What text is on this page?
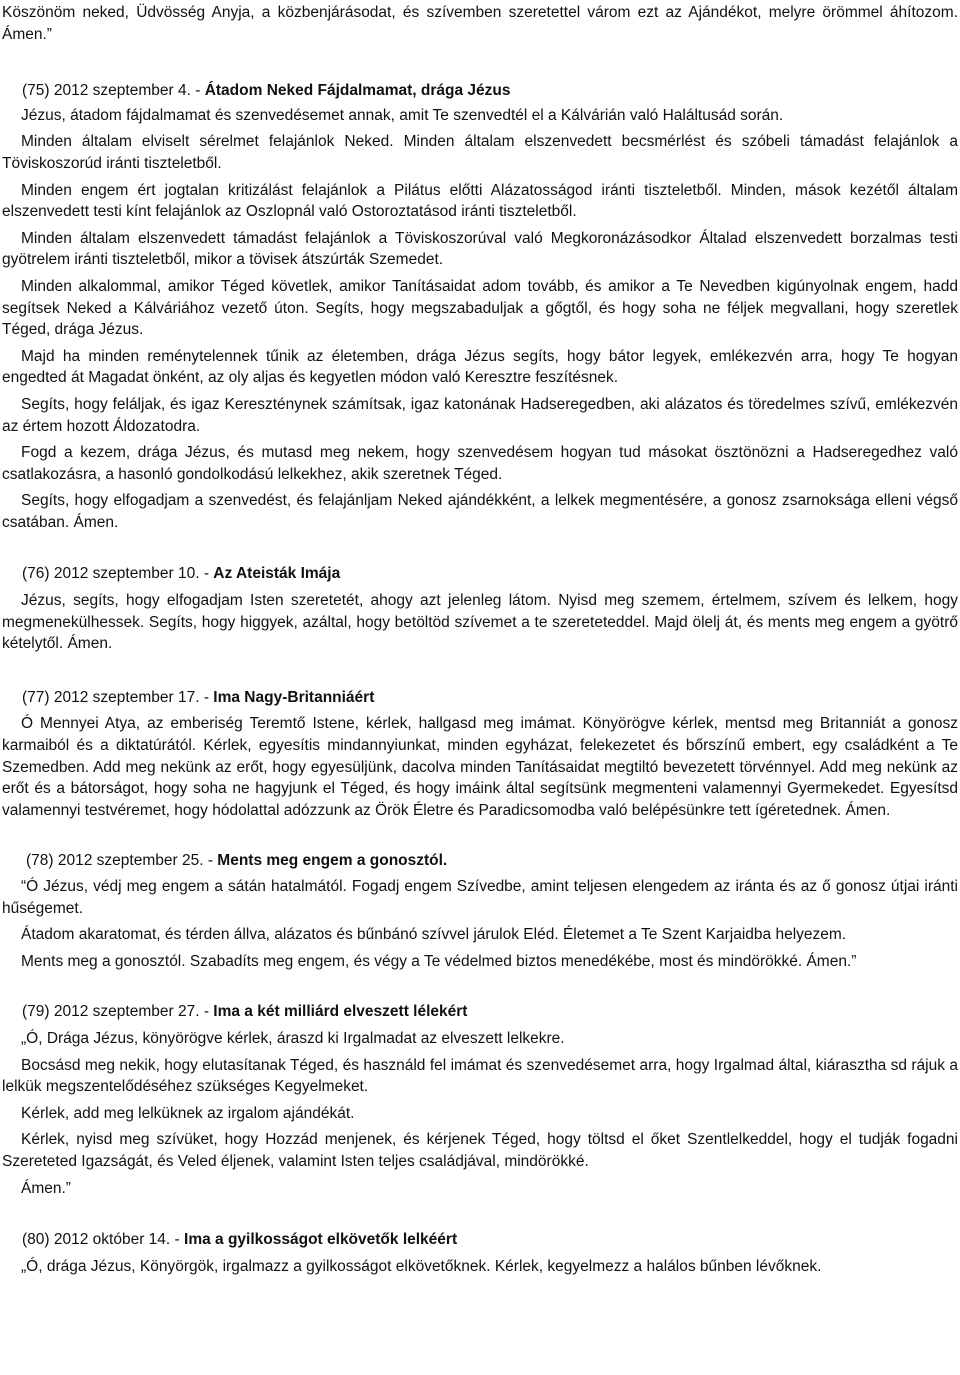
Köszönöm neked, Üdvösség Anyja, a közbenjárásodat, és szívemben szeretettel várom ezt az Ajándékot, melyre örömmel áhítozom. Ámen.”

(75) 2012 szeptember 4. - Átadom Neked Fájdalmamat, drága Jézus

Jézus, átadom fájdalmamat és szenvedésemet annak, amit Te szenvedtél el a Kálvárián való Haláltusád során.

Minden általam elviselt sérelmet felajánlok Neked. Minden általam elszenvedett becsmérlést és szóbeli támadást felajánlok a Töviskoszorúd iránti tiszteletből.

Minden engem ért jogtalan kritizálást felajánlok a Pilátus előtti Alázatosságod iránti tiszteletből. Minden, mások kezétől általam elszenvedett testi kínt felajánlok az Oszlopnál való Ostoroztatásod iránti tiszteletből.

Minden általam elszenvedett támadást felajánlok a Töviskoszorúval való Megkoronázásodkor Általad elszenvedett borzalmas testi gyötrelem iránti tiszteletből, mikor a tövisek átszúrták Szemedet.

Minden alkalommal, amikor Téged követlek, amikor Tanításaidat adom tovább, és amikor a Te Nevedben kigúnyolnak engem, hadd segítsek Neked a Kálváriához vezető úton. Segíts, hogy megszabaduljak a gőgtől, és hogy soha ne féljek megvallani, hogy szeretlek Téged, drága Jézus.

Majd ha minden reménytelennek tűnik az életemben, drága Jézus segíts, hogy bátor legyek, emlékezvén arra, hogy Te hogyan engedted át Magadat önként, az oly aljas és kegyetlen módon való Keresztre feszítésnek.

Segíts, hogy feláljak, és igaz Kereszténynek számítsak, igaz katonának Hadseregedben, aki alázatos és töredelmes szívű, emlékezvén az értem hozott Áldozatodra.

Fogd a kezem, drága Jézus, és mutasd meg nekem, hogy szenvedésem hogyan tud másokat ösztönözni a Hadseregedhez való csatlakozásra, a hasonló gondolkodású lelkekhez, akik szeretnek Téged.

Segíts, hogy elfogadjam a szenvedést, és felajánljam Neked ajándékként, a lelkek megmentésére, a gonosz zsarnoksága elleni végső csatában. Ámen.

(76) 2012 szeptember 10. - Az Ateisták Imája

Jézus, segíts, hogy elfogadjam Isten szeretetét, ahogy azt jelenleg látom. Nyisd meg szemem, értelmem, szívem és lelkem, hogy megmenekülhessek. Segíts, hogy higgyek, azáltal, hogy betöltöd szívemet a te szereteteddel. Majd ölelj át, és ments meg engem a gyötrő kételytől. Ámen.

(77) 2012 szeptember 17. - Ima Nagy-Britanniáért

Ó Mennyei Atya, az emberiség Teremtő Istene, kérlek, hallgasd meg imámat. Könyörögve kérlek, mentsd meg Britanniát a gonosz karmaiból és a diktatúrától. Kérlek, egyesítis mindannyiunkat, minden egyházat, felekezetet és bőrszínű embert, egy családként a Te Szemedben. Add meg nekünk az erőt, hogy egyesüljünk, dacolva minden Tanításaidat megtiltó bevezetett törvénnyel. Add meg nekünk az erőt és a bátorságot, hogy soha ne hagyjunk el Téged, és hogy imáink által segítsünk megmenteni valamennyi Gyermekedet. Egyesítsd valamennyi testvéremet, hogy hódolattal adózzunk az Örök Életre és Paradicsomodba való belépésünkre tett ígéretednek. Ámen.

(78) 2012 szeptember 25. - Ments meg engem a gonosztól.

“Ó Jézus, védj meg engem a sátán hatalmától. Fogadj engem Szívedbe, amint teljesen elengedem az iránta és az ő gonosz útjai iránti hűségemet.

Átadom akaratomat, és térden állva, alázatos és bűnbánó szívvel járulok Eléd. Életemet a Te Szent Karjaidba helyezem.

Ments meg a gonosztól. Szabadíts meg engem, és végy a Te védelmed biztos menedékébe, most és mindörökké. Ámen.”

(79) 2012 szeptember 27. - Ima a két milliárd elveszett lélekért

„Ó, Drága Jézus, könyörögve kérlek, áraszd ki Irgalmadat az elveszett lelkekre.

Bocsásd meg nekik, hogy elutasítanak Téged, és használd fel imámat és szenvedésemet arra, hogy Irgalmad által, kiárasztha sd rájuk a lelkük megszentelődéséhez szükséges Kegyelmeket.

Kérlek, add meg lelküknek az irgalom ajándékát.

Kérlek, nyisd meg szívüket, hogy Hozzád menjenek, és kérjenek Téged, hogy töltsd el őket Szentlelkeddel, hogy el tudják fogadni Szereteted Igazságát, és Veled éljenek, valamint Isten teljes családjával, mindörökké.

Ámen.”

(80) 2012 október 14. - Ima a gyilkosságot elkövetők lelkéért

„Ó, drága Jézus, Könyörgök, irgalmazz a gyilkosságot elkövetőknek. Kérlek, kegyelmezz a halálos bűnben lévőknek.
